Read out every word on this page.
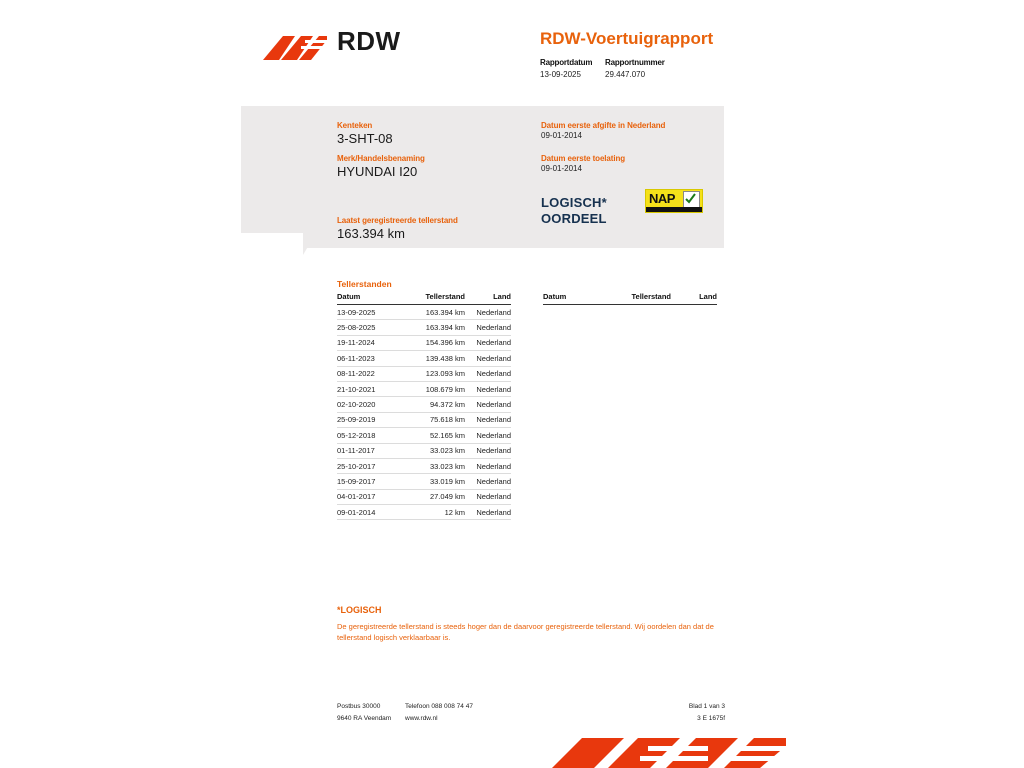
RDW	RDW-Voertuigrapport
Rapportdatum
13-09-2025
Rapportnummer
29.447.070
Kenteken
3-SHT-08
Merk/Handelsbenaming
HYUNDAI I20
Laatst geregistreerde tellerstand
163.394 km
Datum eerste afgifte in Nederland
09-01-2014
Datum eerste toelating
09-01-2014
LOGISCH*
OORDEEL
NAP
Tellerstanden
Datum	Tellerstand	Land
13-09-2025	163.394 km	Nederland
25-08-2025	163.394 km	Nederland
19-11-2024	154.396 km	Nederland
06-11-2023	139.438 km	Nederland
08-11-2022	123.093 km	Nederland
21-10-2021	108.679 km	Nederland
02-10-2020	94.372 km	Nederland
25-09-2019	75.618 km	Nederland
05-12-2018	52.165 km	Nederland
01-11-2017	33.023 km	Nederland
25-10-2017	33.023 km	Nederland
15-09-2017	33.019 km	Nederland
04-01-2017	27.049 km	Nederland
09-01-2014	12 km	Nederland
Datum	Tellerstand	Land
*LOGISCH
De geregistreerde tellerstand is steeds hoger dan de daarvoor geregistreerde tellerstand. Wij oordelen dan dat de tellerstand logisch verklaarbaar is.
Postbus 30000	Telefoon 088 008 74 47	Blad 1 van 3
9640 RA Veendam	www.rdw.nl	3 E 1675f
